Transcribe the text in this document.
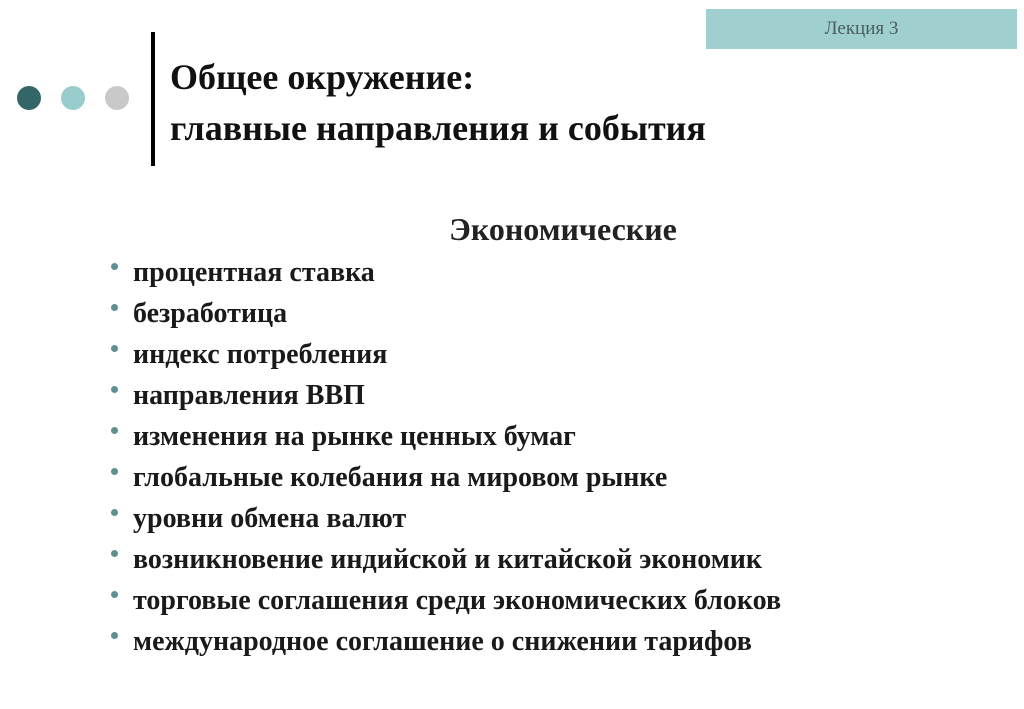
Лекция 3
Общее окружение:
главные направления и события
Экономические
процентная ставка
безработица
индекс потребления
направления ВВП
изменения на рынке ценных бумаг
глобальные колебания на мировом рынке
уровни обмена валют
возникновение индийской и китайской экономик
торговые соглашения среди экономических блоков
международное соглашение о снижении тарифов
